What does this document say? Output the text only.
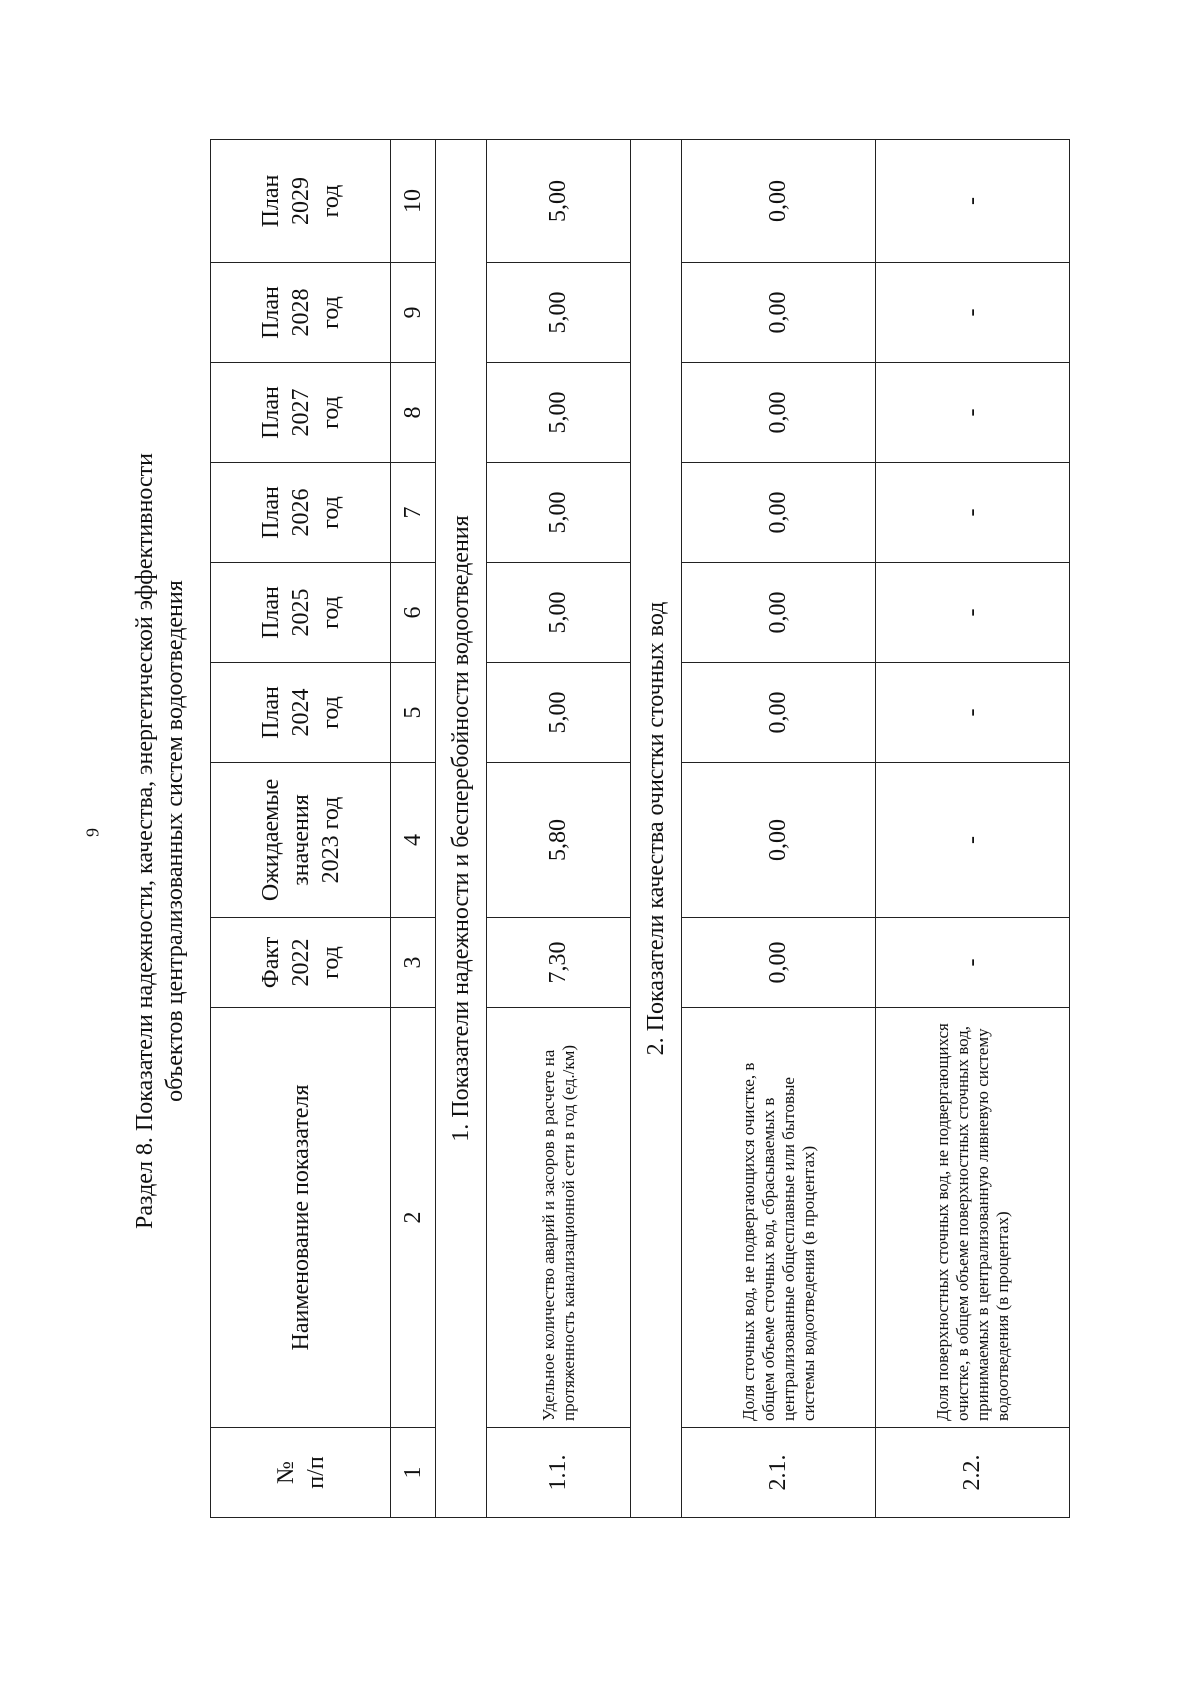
9 Раздел 8. Показатели надежности, качества, энергетической эффективности объектов централизованных систем водоотведения
№ п/п	Наименование показателя	Факт 2022 год	Ожидаемые значения 2023 год	План 2024 год	План 2025 год	План 2026 год	План 2027 год	План 2028 год	План 2029 год

1	2	3	4	5	6	7	8	9	10
1. Показатели надежности и бесперебойности водоотведения									
1.1.	Удельное количество аварий и засоров в расчете на протяженность канализационной сети в год (ед./км)	7,30	5,80	5,00	5,00	5,00	5,00	5,00	5,00
2. Показатели качества очистки сточных вод									
2.1.	Доля сточных вод, не подвергающихся очистке, в общем объеме сточных вод, сбрасываемых в централизованные общесплавные или бытовые системы водоотведения (в процентах)	0,00	0,00	0,00	0,00	0,00	0,00	0,00	0,00
2.2.	Доля поверхностных сточных вод, не подвергающихся очистке, в общем объеме поверхностных сточных вод, принимаемых в централизованную ливневую систему водоотведения (в процентах)	-	-	-	-	-	-	-	-
